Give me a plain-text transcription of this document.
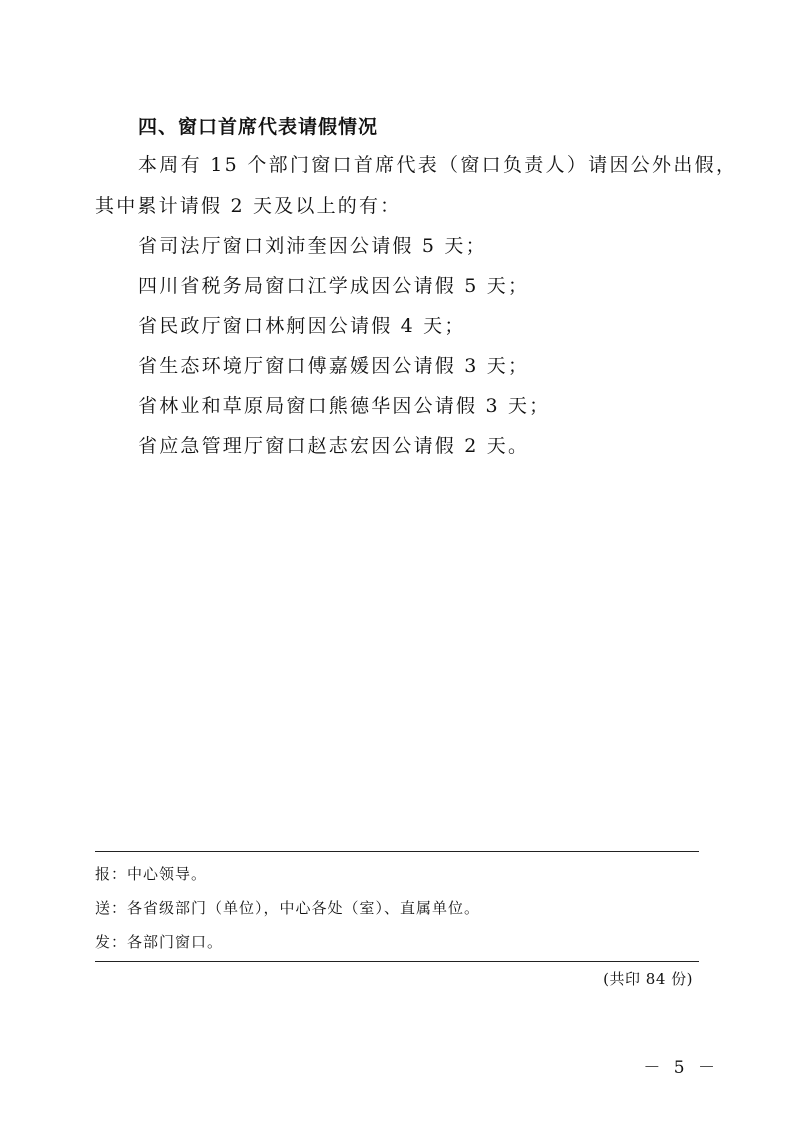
四、窗口首席代表请假情况
本周有 15 个部门窗口首席代表（窗口负责人）请因公外出假，
其中累计请假 2 天及以上的有：
省司法厅窗口刘沛奎因公请假 5 天；
四川省税务局窗口江学成因公请假 5 天；
省民政厅窗口林舸因公请假 4 天；
省生态环境厅窗口傅嘉媛因公请假 3 天；
省林业和草原局窗口熊德华因公请假 3 天；
省应急管理厅窗口赵志宏因公请假 2 天。
报：中心领导。
送：各省级部门（单位），中心各处（室）、直属单位。
发：各部门窗口。
(共印 84 份)
－ 5 －
